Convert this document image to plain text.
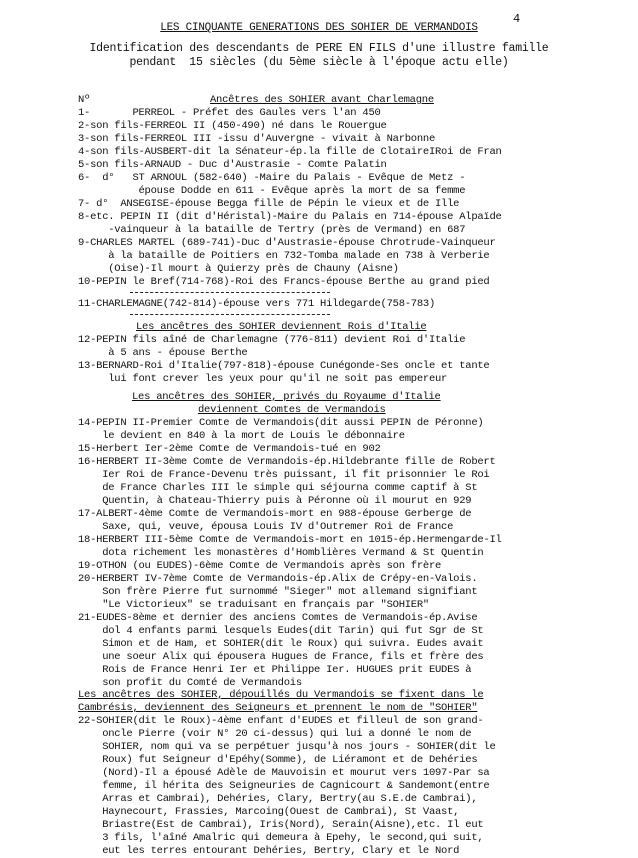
4
LES CINQUANTE GENERATIONS DES SOHIER DE VERMANDOIS
Identification des descendants de PERE EN FILS d'une illustre famille
pendant  15 siècles (du 5ème siècle à l'époque actu elle)
Nº	Ancêtres des SOHIER avant Charlemagne
1-       PERREOL - Préfet des Gaules vers l'an 450
2-son fils-FERREOL II (450-490) né dans le Rouergue
3-son fils-FERREOL III -issu d'Auvergne - vivait à Narbonne
4-son fils-AUSBERT-dit la Sénateur-ép.la fille de ClotaireIRoi de Fran
5-son fils-ARNAUD - Duc d'Austrasie - Comte Palatin
6-  d°   ST ARNOUL (582-640) -Maire du Palais - Evêque de Metz -
épouse Dodde en 611 - Evêque après la mort de sa femme
7- d°  ANSEGISE-épouse Begga fille de Pépin le vieux et de Ille
8-etc. PEPIN II (dit d'Héristal)-Maire du Palais en 714-épouse Alpaïde
-vainqueur à la bataille de Tertry (près de Vermand) en 687
9-CHARLES MARTEL (689-741)-Duc d'Austrasie-épouse Chrotrude-Vainqueur
à la bataille de Poitiers en 732-Tomba malade en 738 à Verberie
(Oise)-Il mourt à Quierzy près de Chauny (Aisne)
10-PEPIN le Bref(714-768)-Roi des Francs-épouse Berthe au grand pied
11-CHARLEMAGNE(742-814)-épouse vers 771 Hildegarde(758-783)
Les ancêtres des SOHIER deviennent Rois d'Italie
12-PEPIN fils aîné de Charlemagne (776-811) devient Roi d'Italie
à 5 ans - épouse Berthe
13-BERNARD-Roi d'Italie(797-818)-épouse Cunégonde-Ses oncle et tante
lui font crever les yeux pour qu'il ne soit pas empereur
Les ancêtres des SOHIER, privés du Royaume d'Italie
deviennent Comtes de Vermandois
14-PEPIN II-Premier Comte de Vermandois(dit aussi PEPIN de Péronne)
le devient en 840 à la mort de Louis le débonnaire
15-Herbert Ier-2ème Comte de Vermandois-tué en 902
16-HERBERT II-3ème Comte de Vermandois-ép.Hildebrante fille de Robert
Ier Roi de France-Devenu très puissant, il fit prisonnier le Roi
de France Charles III le simple qui séjourna comme captif à St
Quentin, à Chateau-Thierry puis à Péronne où il mourut en 929
17-ALBERT-4ème Comte de Vermandois-mort en 988-épouse Gerberge de
Saxe, qui, veuve, épousa Louis IV d'Outremer Roi de France
18-HERBERT III-5ème Comte de Vermandois-mort en 1015-ép.Hermengarde-Il
dota richement les monastères d'Homblières Vermand & St Quentin
19-OTHON (ou EUDES)-6ème Comte de Vermandois après son frère
20-HERBERT IV-7ème Comte de Vermandois-ép.Alix de Crépy-en-Valois.
Son frère Pierre fut surnommé "Sieger" mot allemand signifiant
"Le Victorieux" se traduisant en français par "SOHIER"
21-EUDES-8ème et dernier des anciens Comtes de Vermandois-ép.Avise
dol 4 enfants parmi lesquels Eudes(dit Tarin) qui fut Sgr de St
Simon et de Ham, et SOHIER(dit le Roux) qui suivra. Eudes avait
une soeur Alix qui épousera Hugues de France, fils et frère des
Rois de France Henri Ier et Philippe Ier. HUGUES prit EUDES à
son profit du Comté de Vermandois
Les ancêtres des SOHIER, dépouillés du Vermandois se fixent dans le
Cambrésis, deviennent des Seigneurs et prennent le nom de "SOHIER"
22-SOHIER(dit le Roux)-4ème enfant d'EUDES et filleul de son grand-
oncle Pierre (voir N° 20 ci-dessus) qui lui a donné le nom de
SOHIER, nom qui va se perpétuer jusqu'à nos jours - SOHIER(dit le
Roux) fut Seigneur d'Epéhy(Somme), de Liéramont et de Dehéries
(Nord)-Il a épousé Adèle de Mauvoisin et mourut vers 1097-Par sa
femme, il hérita des Seigneuries de Cagnicourt & Sandemont(entre
Arras et Cambrai), Dehéries, Clary, Bertry(au S.E.de Cambrai),
Haynecourt, Frassies, Marcoing(Ouest de Cambrai), St Vaast,
Briastre(Est de Cambrai), Iris(Nord), Serain(Aisne),etc. Il eut
3 fils, l'aîné Amalric qui demeura à Epehy, le second,qui suit,
eut les terres entourant Dehéries, Bertry, Clary et le Nord
